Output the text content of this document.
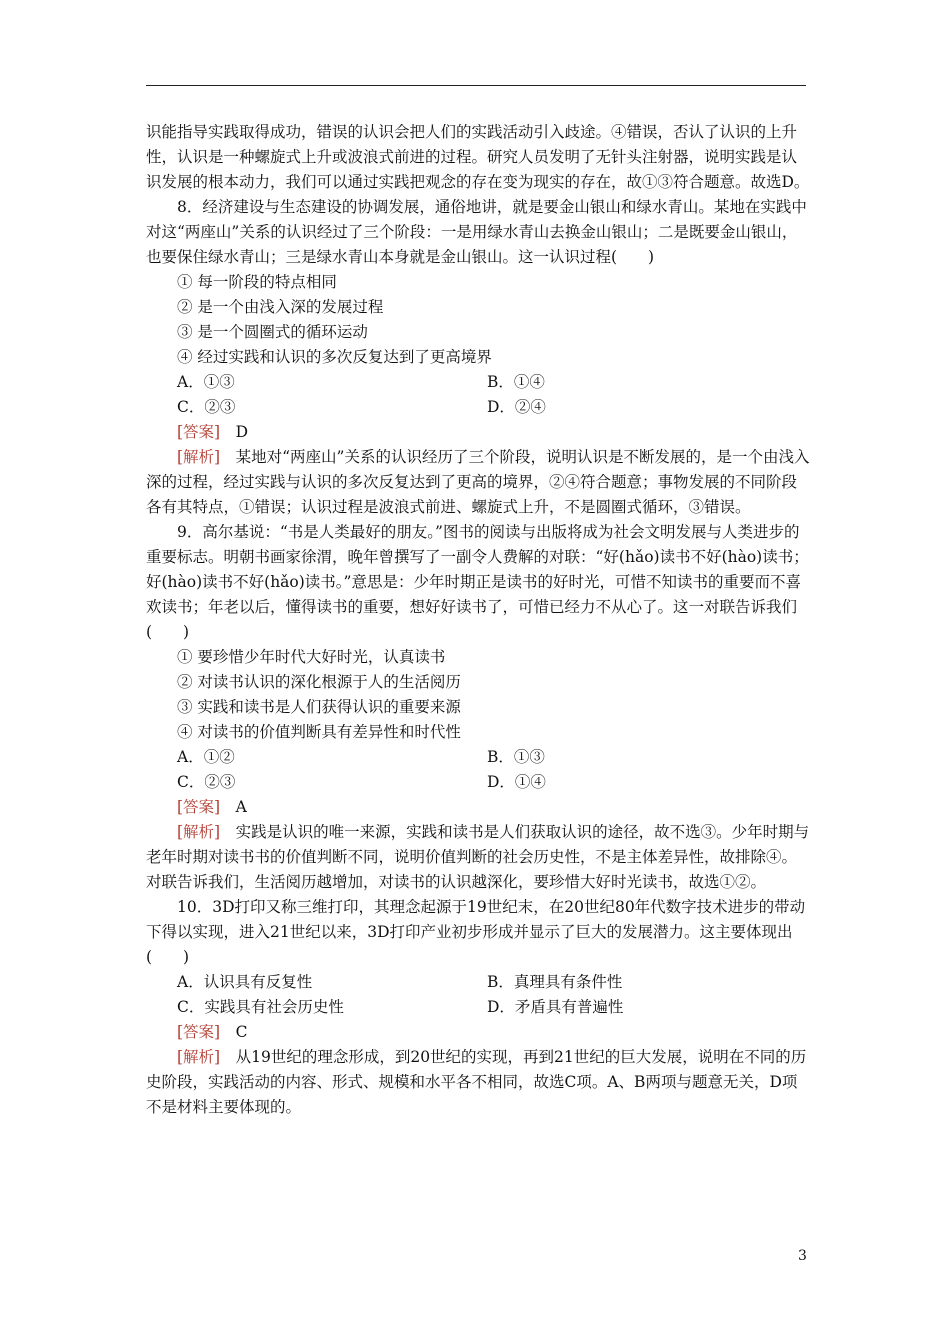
识能指导实践取得成功，错误的认识会把人们的实践活动引入歧途。④错误，否认了认识的上升性，认识是一种螺旋式上升或波浪式前进的过程。研究人员发明了无针头注射器，说明实践是认识发展的根本动力，我们可以通过实践把观念的存在变为现实的存在，故①③符合题意。故选D。

8．经济建设与生态建设的协调发展，通俗地讲，就是要金山银山和绿水青山。某地在实践中对这“两座山”关系的认识经过了三个阶段：一是用绿水青山去换金山银山；二是既要金山银山，也要保住绿水青山；三是绿水青山本身就是金山银山。这一认识过程(　　)

① 每一阶段的特点相同

② 是一个由浅入深的发展过程

③ 是一个圆圈式的循环运动

④ 经过实践和认识的多次反复达到了更高境界

A．①③	B．①④
C．②③	D．②④

[答案]　D

[解析]　某地对“两座山”关系的认识经历了三个阶段，说明认识是不断发展的，是一个由浅入深的过程，经过实践与认识的多次反复达到了更高的境界，②④符合题意；事物发展的不同阶段各有其特点，①错误；认识过程是波浪式前进、螺旋式上升，不是圆圈式循环，③错误。

9．高尔基说：“书是人类最好的朋友。”图书的阅读与出版将成为社会文明发展与人类进步的重要标志。明朝书画家徐渭，晚年曾撰写了一副令人费解的对联：“好(hǎo)读书不好(hào)读书；好(hào)读书不好(hǎo)读书。”意思是：少年时期正是读书的好时光，可惜不知读书的重要而不喜欢读书；年老以后，懂得读书的重要，想好好读书了，可惜已经力不从心了。这一对联告诉我们(　　)

① 要珍惜少年时代大好时光，认真读书

② 对读书认识的深化根源于人的生活阅历

③ 实践和读书是人们获得认识的重要来源

④ 对读书的价值判断具有差异性和时代性

A．①②	B．①③
C．②③	D．①④

[答案]　A

[解析]　实践是认识的唯一来源，实践和读书是人们获取认识的途径，故不选③。少年时期与老年时期对读书书的价值判断不同，说明价值判断的社会历史性，不是主体差异性，故排除④。对联告诉我们，生活阅历越增加，对读书的认识越深化，要珍惜大好时光读书，故选①②。

10．3D打印又称三维打印，其理念起源于19世纪末，在20世纪80年代数字技术进步的带动下得以实现，进入21世纪以来，3D打印产业初步形成并显示了巨大的发展潜力。这主要体现出(　　)

A．认识具有反复性	B．真理具有条件性
C．实践具有社会历史性	D．矛盾具有普遍性

[答案]　C

[解析]　从19世纪的理念形成，到20世纪的实现，再到21世纪的巨大发展，说明在不同的历史阶段，实践活动的内容、形式、规模和水平各不相同，故选C项。A、B两项与题意无关，D项不是材料主要体现的。

3
